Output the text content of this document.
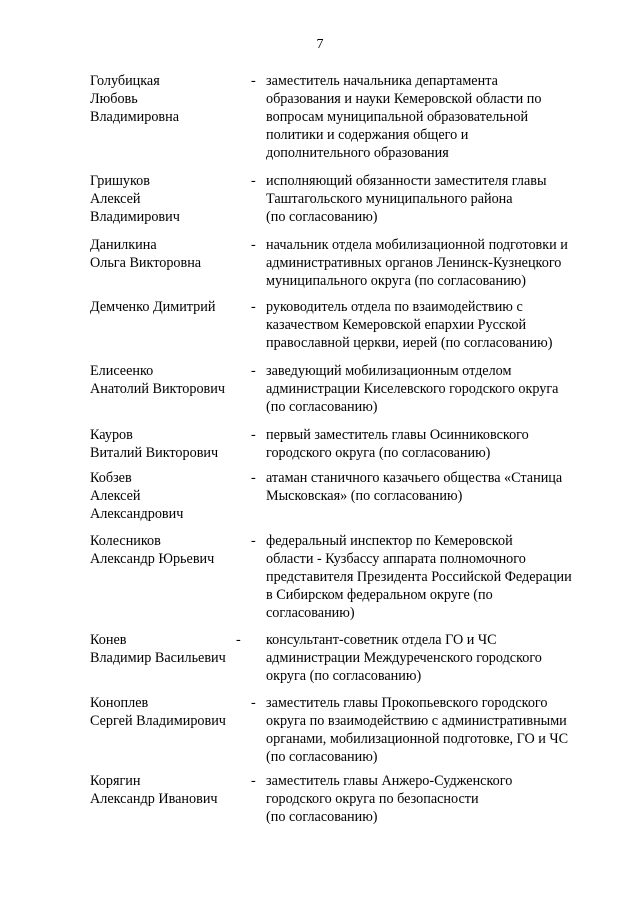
7
Голубицкая
Любовь
Владимировна
- заместитель начальника департамента
образования и науки Кемеровской области по
вопросам муниципальной образовательной
политики и содержания общего и
дополнительного образования
Гришуков
Алексей
Владимирович
- исполняющий обязанности заместителя главы
Таштагольского муниципального района
(по согласованию)
Данилкина
Ольга Викторовна
- начальник отдела мобилизационной подготовки и
административных органов Ленинск-Кузнецкого
муниципального округа (по согласованию)
Демченко Димитрий	- руководитель отдела по взаимодействию с
казачеством Кемеровской епархии Русской
православной церкви, иерей (по согласованию)
Елисеенко
Анатолий Викторович
- заведующий мобилизационным отделом
администрации Киселевского городского округа
(по согласованию)
Кауров
Виталий Викторович
- первый заместитель главы Осинниковского
городского округа (по согласованию)
Кобзев
Алексей
Александрович
- атаман станичного казачьего общества «Станица
Мысковская» (по согласованию)
Колесников
Александр Юрьевич
- федеральный инспектор по Кемеровской
области - Кузбассу аппарата полномочного
представителя Президента Российской Федерации
в Сибирском федеральном округе (по
согласованию)
Конев
Владимир Васильевич
- консультант-советник отдела ГО и ЧС
администрации Междуреченского городского
округа (по согласованию)
Коноплев
Сергей Владимирович
- заместитель главы Прокопьевского городского
округа по взаимодействию с административными
органами, мобилизационной подготовке, ГО и ЧС
(по согласованию)
Корягин
Александр Иванович
- заместитель главы Анжеро-Судженского
городского округа по безопасности
(по согласованию)
